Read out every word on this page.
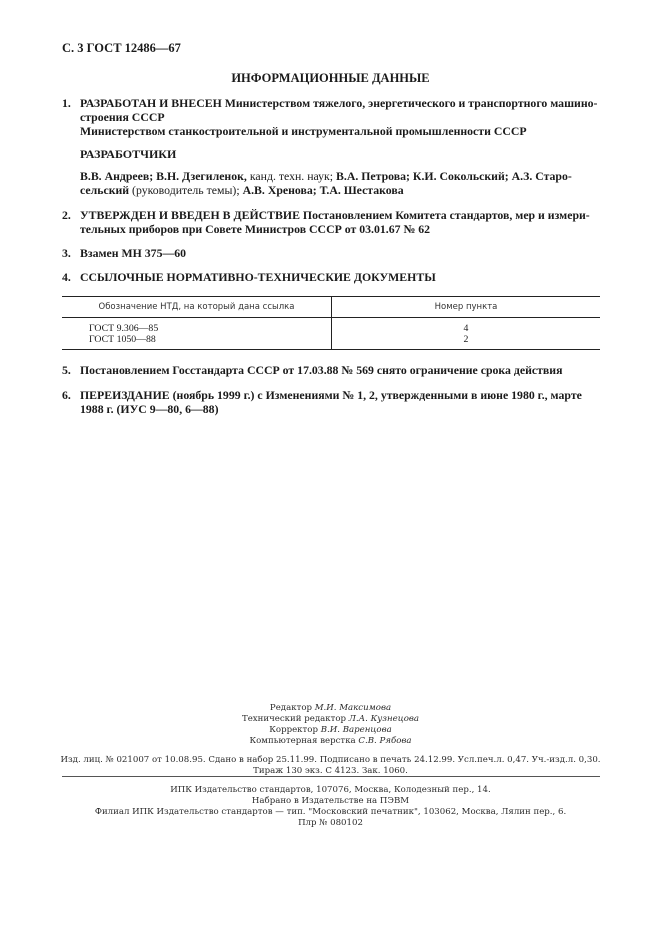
С. 3 ГОСТ 12486—67
ИНФОРМАЦИОННЫЕ ДАННЫЕ
1. РАЗРАБОТАН И ВНЕСЕН Министерством тяжелого, энергетического и транспортного машино-
строения СССР
Министерством станкостроительной и инструментальной промышленности СССР
РАЗРАБОТЧИКИ
В.В. Андреев; В.Н. Дзегиленок, канд. техн. наук; В.А. Петрова; К.И. Сокольский; А.З. Старо-
сельский (руководитель темы); А.В. Хренова; Т.А. Шестакова
2. УТВЕРЖДЕН И ВВЕДЕН В ДЕЙСТВИЕ Постановлением Комитета стандартов, мер и измери-
тельных приборов при Совете Министров СССР от 03.01.67 № 62
3. Взамен МН 375—60
4. ССЫЛОЧНЫЕ НОРМАТИВНО-ТЕХНИЧЕСКИЕ ДОКУМЕНТЫ
Обозначение НТД, на который дана ссылка	Номер пункта
ГОСТ 9.306—85	4
ГОСТ 1050—88	2
5. Постановлением Госстандарта СССР от 17.03.88 № 569 снято ограничение срока действия
6. ПЕРЕИЗДАНИЕ (ноябрь 1999 г.) с Изменениями № 1, 2, утвержденными в июне 1980 г., марте
1988 г. (ИУС 9—80, 6—88)
Редактор М.И. Максимова
Технический редактор Л.А. Кузнецова
Корректор В.И. Варенцова
Компьютерная верстка С.В. Рябова
Изд. лиц. № 021007 от 10.08.95. Сдано в набор 25.11.99. Подписано в печать 24.12.99. Усл.печ.л. 0,47. Уч.-изд.л. 0,30.
Тираж 130 экз. С 4123. Зак. 1060.
ИПК Издательство стандартов, 107076, Москва, Колодезный пер., 14.
Набрано в Издательстве на ПЭВМ
Филиал ИПК Издательство стандартов — тип. "Московский печатник", 103062, Москва, Лялин пер., 6.
Плр № 080102
